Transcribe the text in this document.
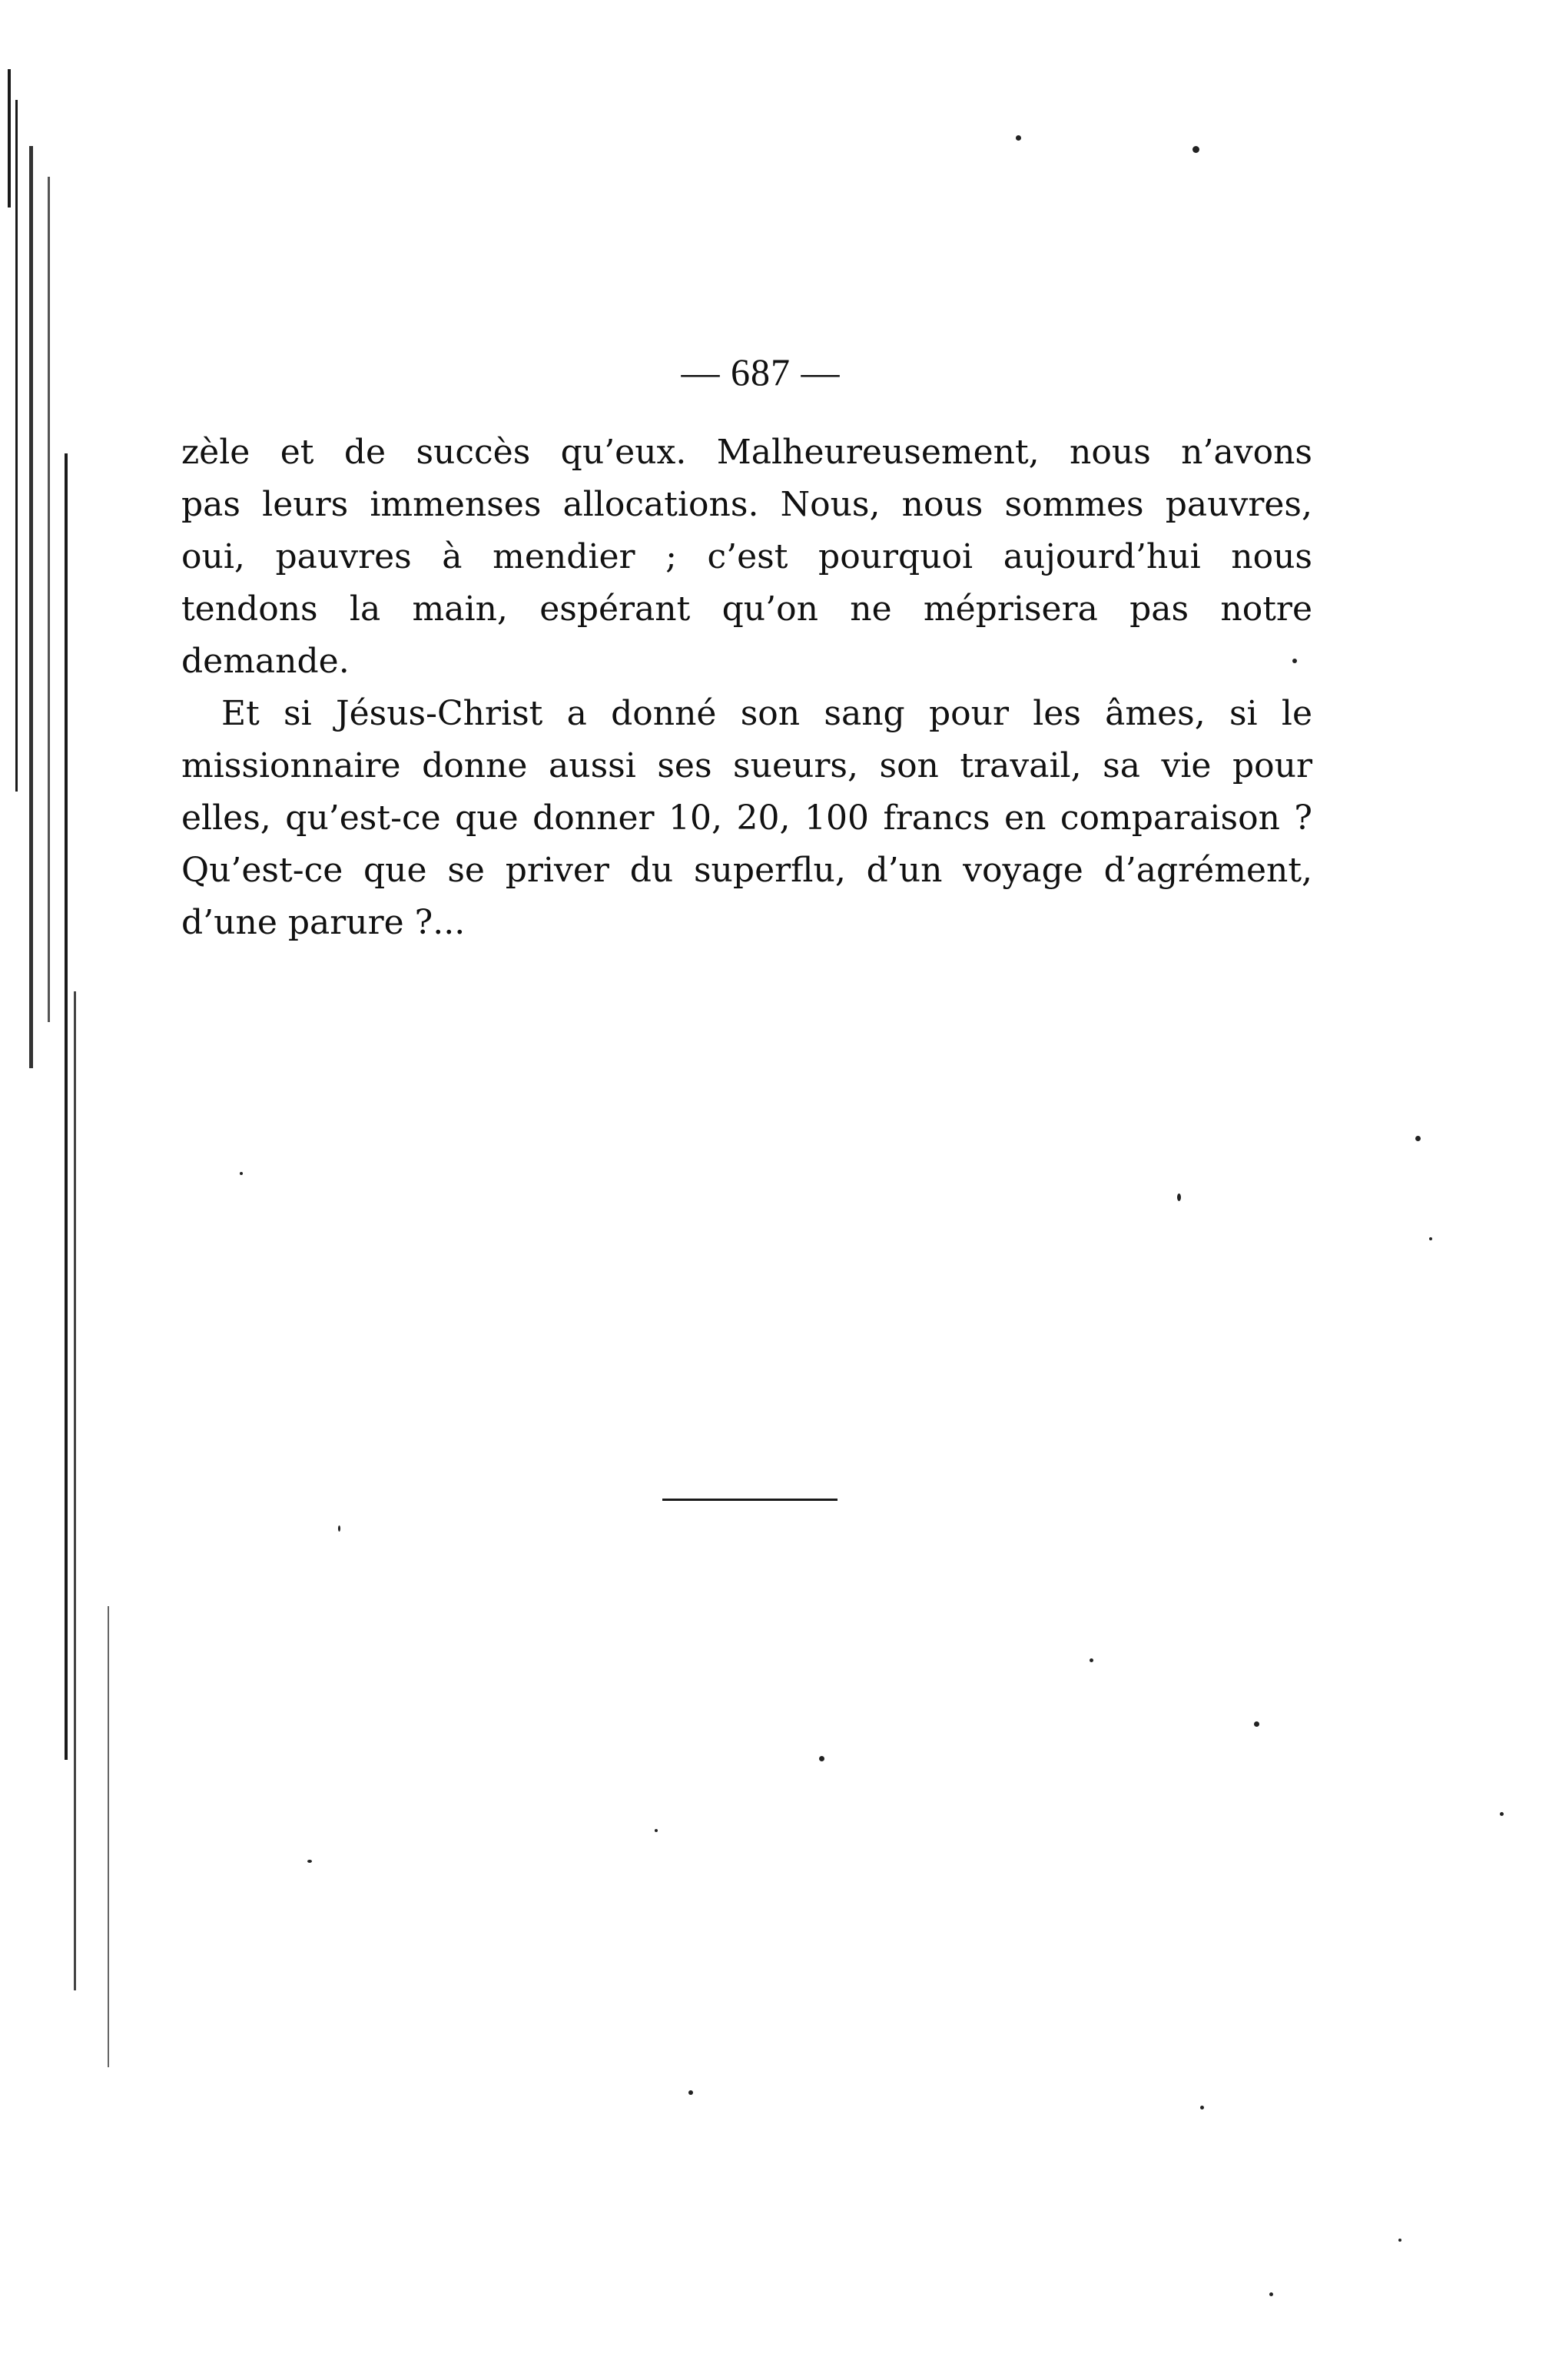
— 687 —

zèle et de succès qu’eux. Malheureusement, nous n’avons
pas leurs immenses allocations. Nous, nous sommes pauvres,
oui, pauvres à mendier ; c’est pourquoi aujourd’hui nous
tendons la main, espérant qu’on ne méprisera pas notre
demande.

Et si Jésus-Christ a donné son sang pour les âmes, si le
missionnaire donne aussi ses sueurs, son travail, sa vie pour
elles, qu’est-ce que donner 10, 20, 100 francs en comparaison ?
Qu’est-ce que se priver du superflu, d’un voyage d’agrément,
d’une parure ?...
